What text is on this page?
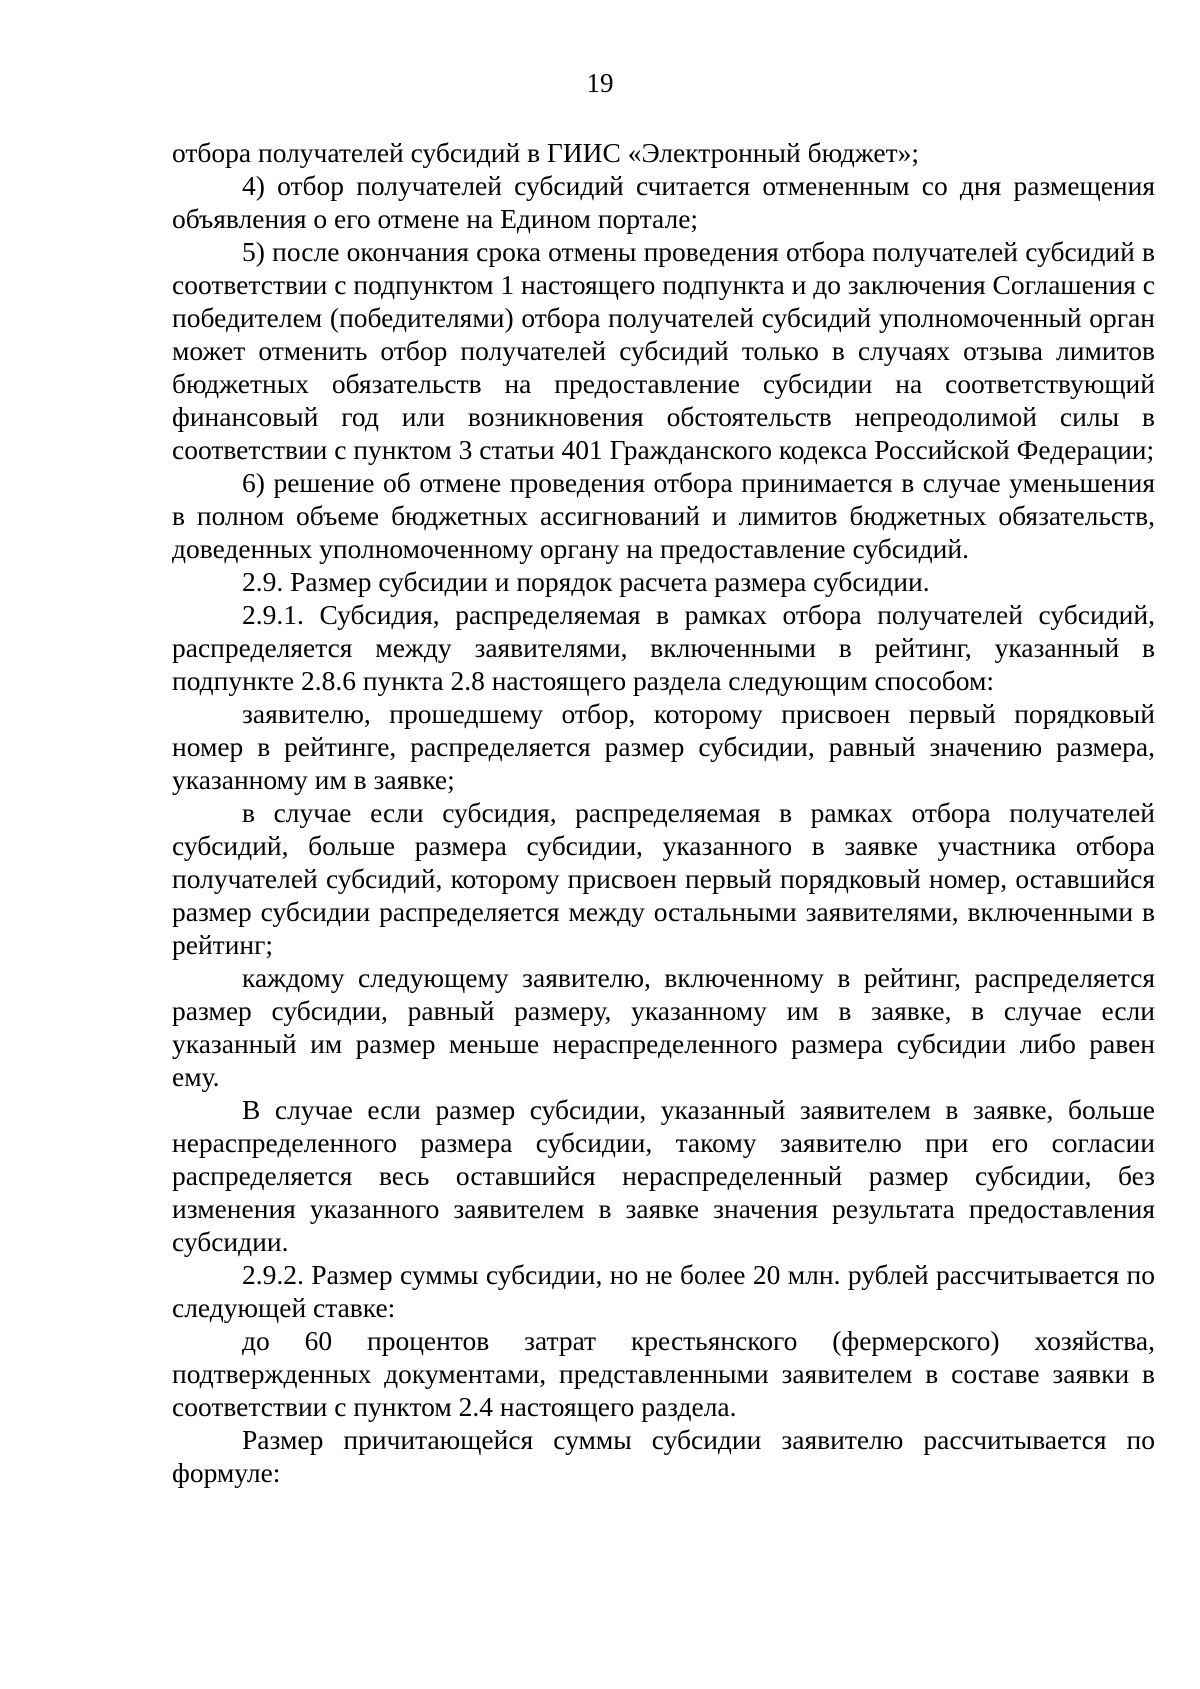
19

отбора получателей субсидий в ГИИС «Электронный бюджет»;

4) отбор получателей субсидий считается отмененным со дня размещения объявления о его отмене на Едином портале;

5) после окончания срока отмены проведения отбора получателей субсидий в соответствии с подпунктом 1 настоящего подпункта и до заключения Соглашения с победителем (победителями) отбора получателей субсидий уполномоченный орган может отменить отбор получателей субсидий только в случаях отзыва лимитов бюджетных обязательств на предоставление субсидии на соответствующий финансовый год или возникновения обстоятельств непреодолимой силы в соответствии с пунктом 3 статьи 401 Гражданского кодекса Российской Федерации;

6) решение об отмене проведения отбора принимается в случае уменьшения в полном объеме бюджетных ассигнований и лимитов бюджетных обязательств, доведенных уполномоченному органу на предоставление субсидий.

2.9. Размер субсидии и порядок расчета размера субсидии.

2.9.1. Субсидия, распределяемая в рамках отбора получателей субсидий, распределяется между заявителями, включенными в рейтинг, указанный в подпункте 2.8.6 пункта 2.8 настоящего раздела следующим способом:

заявителю, прошедшему отбор, которому присвоен первый порядковый номер в рейтинге, распределяется размер субсидии, равный значению размера, указанному им в заявке;

в случае если субсидия, распределяемая в рамках отбора получателей субсидий, больше размера субсидии, указанного в заявке участника отбора получателей субсидий, которому присвоен первый порядковый номер, оставшийся размер субсидии распределяется между остальными заявителями, включенными в рейтинг;

каждому следующему заявителю, включенному в рейтинг, распределяется размер субсидии, равный размеру, указанному им в заявке, в случае если указанный им размер меньше нераспределенного размера субсидии либо равен ему.

В случае если размер субсидии, указанный заявителем в заявке, больше нераспределенного размера субсидии, такому заявителю при его согласии распределяется весь оставшийся нераспределенный размер субсидии, без изменения указанного заявителем в заявке значения результата предоставления субсидии.

2.9.2. Размер суммы субсидии, но не более 20 млн. рублей рассчитывается по следующей ставке:

до 60 процентов затрат крестьянского (фермерского) хозяйства, подтвержденных документами, представленными заявителем в составе заявки в соответствии с пунктом 2.4 настоящего раздела.

Размер причитающейся суммы субсидии заявителю рассчитывается по формуле:
